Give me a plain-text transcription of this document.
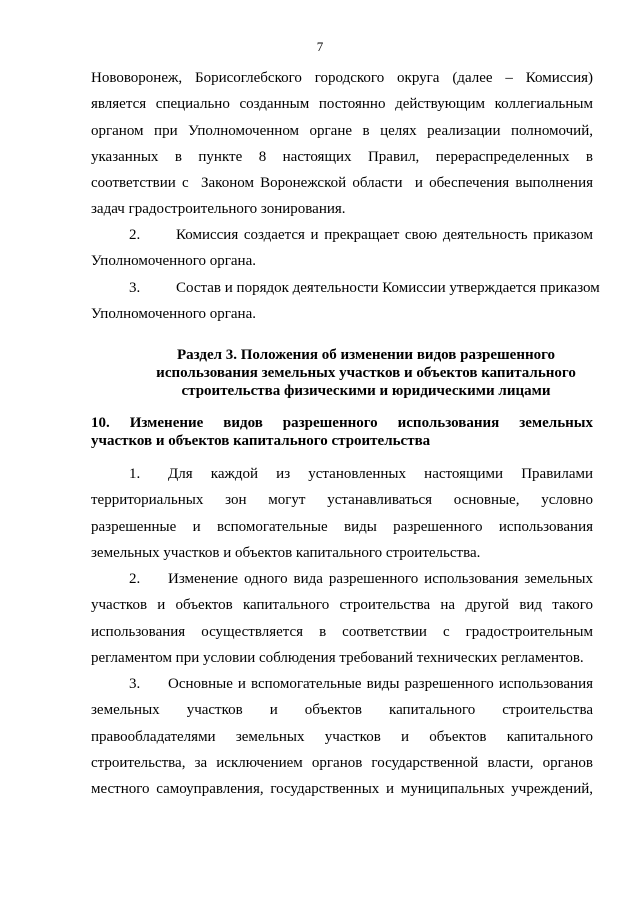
7
Нововоронеж, Борисоглебского городского округа (далее – Комиссия)
является специально созданным постоянно действующим коллегиальным
органом при Уполномоченном органе в целях реализации полномочий,
указанных в пункте 8 настоящих Правил, перераспределенных в
соответствии с  Законом Воронежской области  и обеспечения выполнения
задач градостроительного зонирования.
2. Комиссия создается и прекращает свою деятельность приказом
Уполномоченного органа.
3. Состав и порядок деятельности Комиссии утверждается приказом
Уполномоченного органа.
Раздел 3. Положения об изменении видов разрешенного
использования земельных участков и объектов капитального
строительства физическими и юридическими лицами
10. Изменение видов разрешенного использования земельных
участков и объектов капитального строительства
1. Для каждой из установленных настоящими Правилами
территориальных зон могут устанавливаться основные, условно
разрешенные и вспомогательные виды разрешенного использования
земельных участков и объектов капитального строительства.
2. Изменение одного вида разрешенного использования земельных
участков и объектов капитального строительства на другой вид такого
использования осуществляется в соответствии с градостроительным
регламентом при условии соблюдения требований технических регламентов.
3. Основные и вспомогательные виды разрешенного использования
земельных участков и объектов капитального строительства
правообладателями земельных участков и объектов капитального
строительства, за исключением органов государственной власти, органов
местного самоуправления, государственных и муниципальных учреждений,
